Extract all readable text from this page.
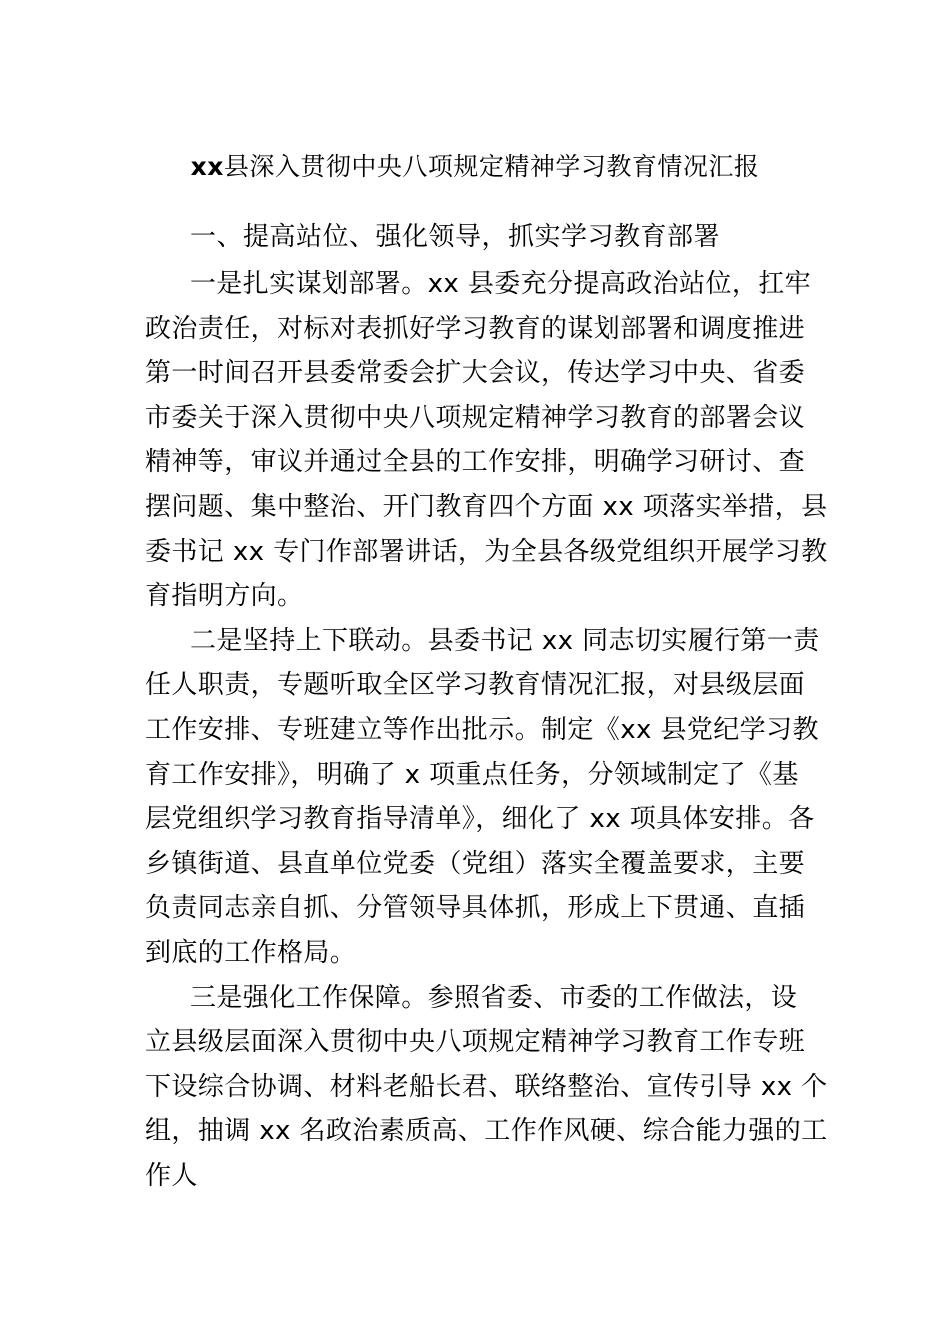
xx县深入贯彻中央八项规定精神学习教育情况汇报
一、提高站位、强化领导，抓实学习教育部署
一是扎实谋划部署。xx 县委充分提高政治站位，扛牢
政治责任，对标对表抓好学习教育的谋划部署和调度推进
第一时间召开县委常委会扩大会议，传达学习中央、省委
市委关于深入贯彻中央八项规定精神学习教育的部署会议
精神等，审议并通过全县的工作安排，明确学习研讨、查
摆问题、集中整治、开门教育四个方面 xx 项落实举措，县
委书记 xx 专门作部署讲话，为全县各级党组织开展学习教
育指明方向。
二是坚持上下联动。县委书记 xx 同志切实履行第一责
任人职责，专题听取全区学习教育情况汇报，对县级层面
工作安排、专班建立等作出批示。制定《xx 县党纪学习教
育工作安排》，明确了 x 项重点任务，分领域制定了《基
层党组织学习教育指导清单》，细化了 xx 项具体安排。各
乡镇街道、县直单位党委（党组）落实全覆盖要求，主要
负责同志亲自抓、分管领导具体抓，形成上下贯通、直插
到底的工作格局。
三是强化工作保障。参照省委、市委的工作做法，设
立县级层面深入贯彻中央八项规定精神学习教育工作专班
下设综合协调、材料老船长君、联络整治、宣传引导 xx 个
组，抽调 xx 名政治素质高、工作作风硬、综合能力强的工
作人
